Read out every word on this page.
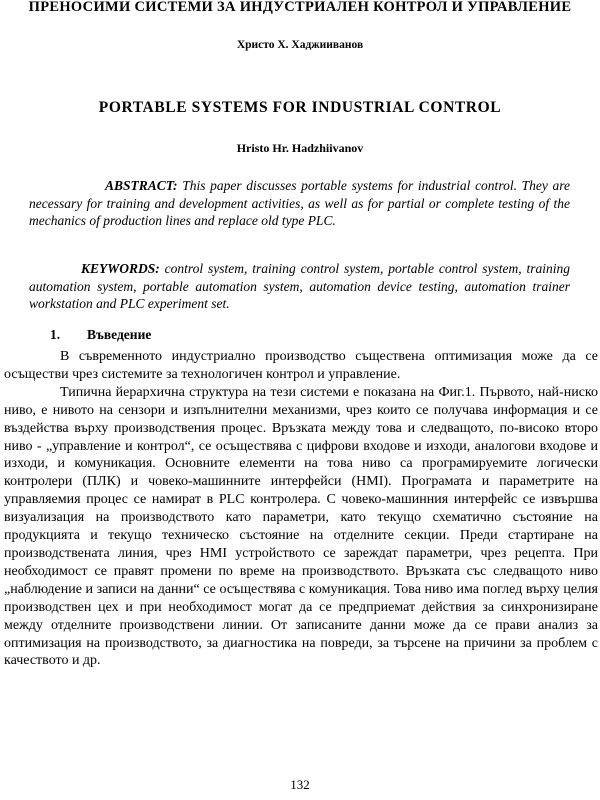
ПРЕНОСИМИ СИСТЕМИ ЗА ИНДУСТРИАЛЕН КОНТРОЛ И УПРАВЛЕНИЕ
Христо Х. Хаджииванов
PORTABLE SYSTEMS FOR INDUSTRIAL CONTROL
Hristo Hr. Hadzhiivanov

ABSTRACT: This paper discusses portable systems for industrial control. They are necessary for training and development activities, as well as for partial or complete testing of the mechanics of production lines and replace old type PLC.

KEYWORDS: control system, training control system, portable control system, training automation system, portable automation system, automation device testing, automation trainer workstation and PLC experiment set.

1. Въведение

В съвременното индустриално производство съществена оптимизация може да се осъществи чрез системите за технологичен контрол и управление.

Типична йерархична структура на тези системи е показана на Фиг.1. Първото, най-ниско ниво, е нивото на сензори и изпълнителни механизми, чрез които се получава информация и се въздейства върху производствения процес. Връзката между това и следващото, по-високо второ ниво - „управление и контрол“, се осъществява с цифрови входове и изходи, аналогови входове и изходи, и комуникация. Основните елементи на това ниво са програмируемите логически контролери (ПЛК) и човеко-машинните интерфейси (HMI). Програмата и параметрите на управляемия процес се намират в PLC контролера. С човеко-машинния интерфейс се извършва визуализация на производството като параметри, като текущо схематично състояние на продукцията и текущо техническо състояние на отделните секции. Преди стартиране на производствената линия, чрез HMI устройството се зареждат параметри, чрез рецепта. При необходимост се правят промени по време на производството. Връзката със следващото ниво „наблюдение и записи на данни“ се осъществява с комуникация. Това ниво има поглед върху целия производствен цех и при необходимост могат да се предприемат действия за синхронизиране между отделните производствени линии. От записаните данни може да се прави анализ за оптимизация на производството, за диагностика на повреди, за търсене на причини за проблем с качеството и др.

132
